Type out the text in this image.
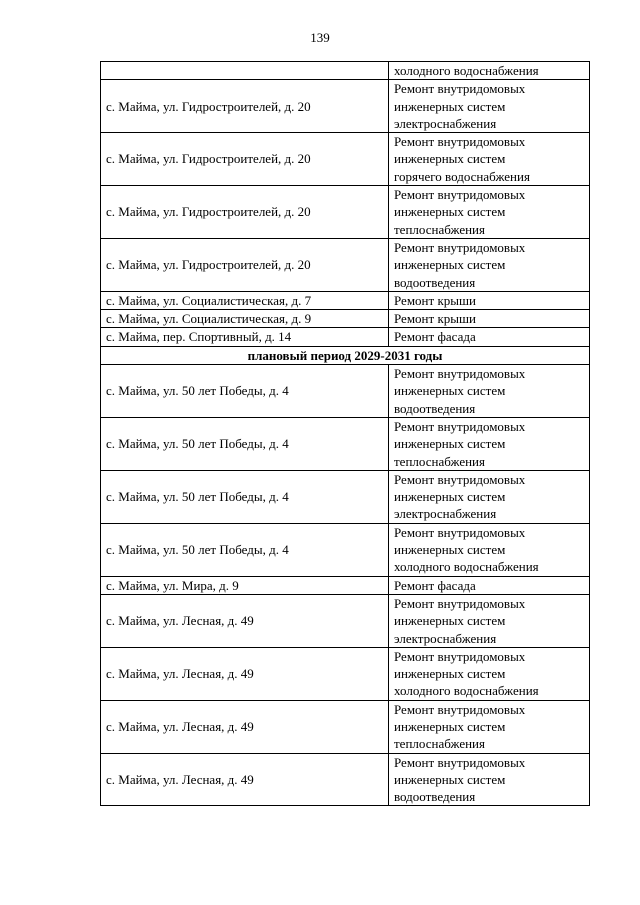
139

	холодного водоснабжения

с. Майма, ул. Гидростроителей, д. 20	Ремонт внутридомовых
инженерных систем
электроснабжения

с. Майма, ул. Гидростроителей, д. 20	Ремонт внутридомовых
инженерных систем
горячего водоснабжения

с. Майма, ул. Гидростроителей, д. 20	Ремонт внутридомовых
инженерных систем
теплоснабжения

с. Майма, ул. Гидростроителей, д. 20	Ремонт внутридомовых
инженерных систем
водоотведения

с. Майма, ул. Социалистическая, д. 7	Ремонт крыши

с. Майма, ул. Социалистическая, д. 9	Ремонт крыши

с. Майма, пер. Спортивный, д. 14	Ремонт фасада

плановый период 2029-2031 годы	
с. Майма, ул. 50 лет Победы, д. 4	Ремонт внутридомовых
инженерных систем
водоотведения

с. Майма, ул. 50 лет Победы, д. 4	Ремонт внутридомовых
инженерных систем
теплоснабжения

с. Майма, ул. 50 лет Победы, д. 4	Ремонт внутридомовых
инженерных систем
электроснабжения

с. Майма, ул. 50 лет Победы, д. 4	Ремонт внутридомовых
инженерных систем
холодного водоснабжения

с. Майма, ул. Мира, д. 9	Ремонт фасада

с. Майма, ул. Лесная, д. 49	Ремонт внутридомовых
инженерных систем
электроснабжения

с. Майма, ул. Лесная, д. 49	Ремонт внутридомовых
инженерных систем
холодного водоснабжения

с. Майма, ул. Лесная, д. 49	Ремонт внутридомовых
инженерных систем
теплоснабжения

с. Майма, ул. Лесная, д. 49	Ремонт внутридомовых
инженерных систем
водоотведения
